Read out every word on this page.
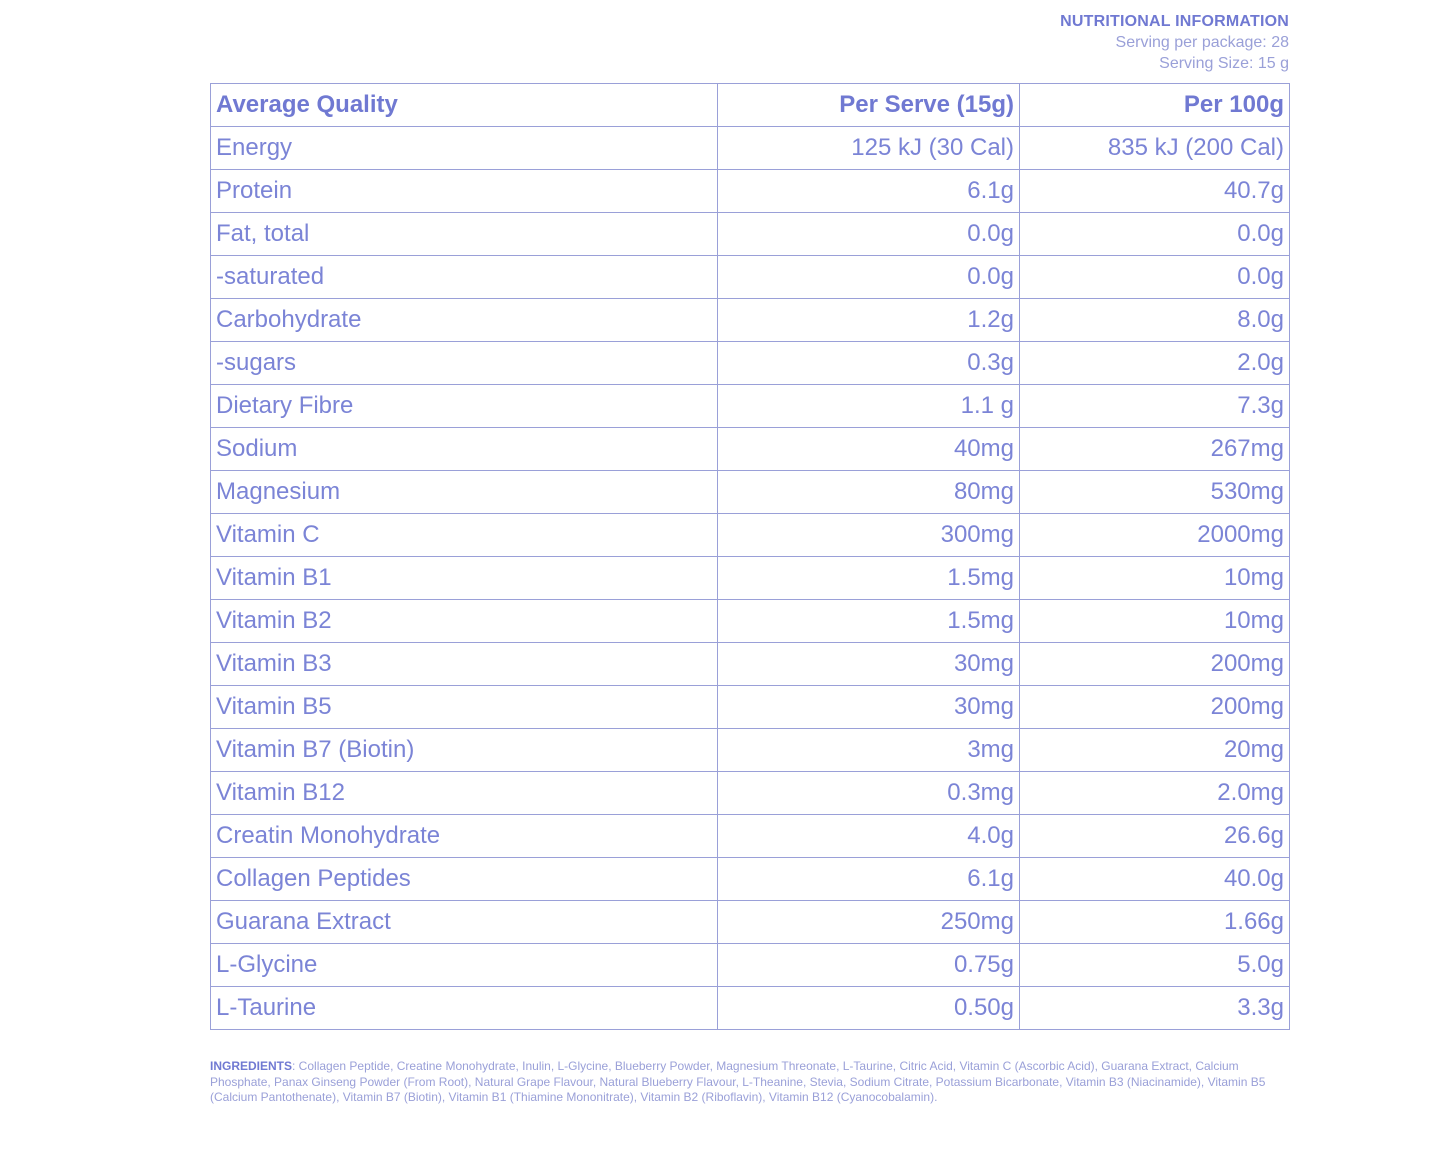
NUTRITIONAL INFORMATION
Serving per package: 28
Serving Size: 15 g
Average Quality	Per Serve (15g)	Per 100g
Energy	125 kJ (30 Cal)	835 kJ (200 Cal)
Protein	6.1g	40.7g
Fat, total	0.0g	0.0g
-saturated	0.0g	0.0g
Carbohydrate	1.2g	8.0g
-sugars	0.3g	2.0g
Dietary Fibre	1.1 g	7.3g
Sodium	40mg	267mg
Magnesium	80mg	530mg
Vitamin C	300mg	2000mg
Vitamin B1	1.5mg	10mg
Vitamin B2	1.5mg	10mg
Vitamin B3	30mg	200mg
Vitamin B5	30mg	200mg
Vitamin B7 (Biotin)	3mg	20mg
Vitamin B12	0.3mg	2.0mg
Creatin Monohydrate	4.0g	26.6g
Collagen Peptides	6.1g	40.0g
Guarana Extract	250mg	1.66g
L-Glycine	0.75g	5.0g
L-Taurine	0.50g	3.3g
INGREDIENTS: Collagen Peptide, Creatine Monohydrate, Inulin, L-Glycine, Blueberry Powder, Magnesium Threonate, L-Taurine, Citric Acid, Vitamin C (Ascorbic Acid), Guarana Extract, Calcium Phosphate, Panax Ginseng Powder (From Root), Natural Grape Flavour, Natural Blueberry Flavour, L-Theanine, Stevia, Sodium Citrate, Potassium Bicarbonate, Vitamin B3 (Niacinamide), Vitamin B5 (Calcium Pantothenate), Vitamin B7 (Biotin), Vitamin B1 (Thiamine Mononitrate), Vitamin B2 (Riboflavin), Vitamin B12 (Cyanocobalamin).
